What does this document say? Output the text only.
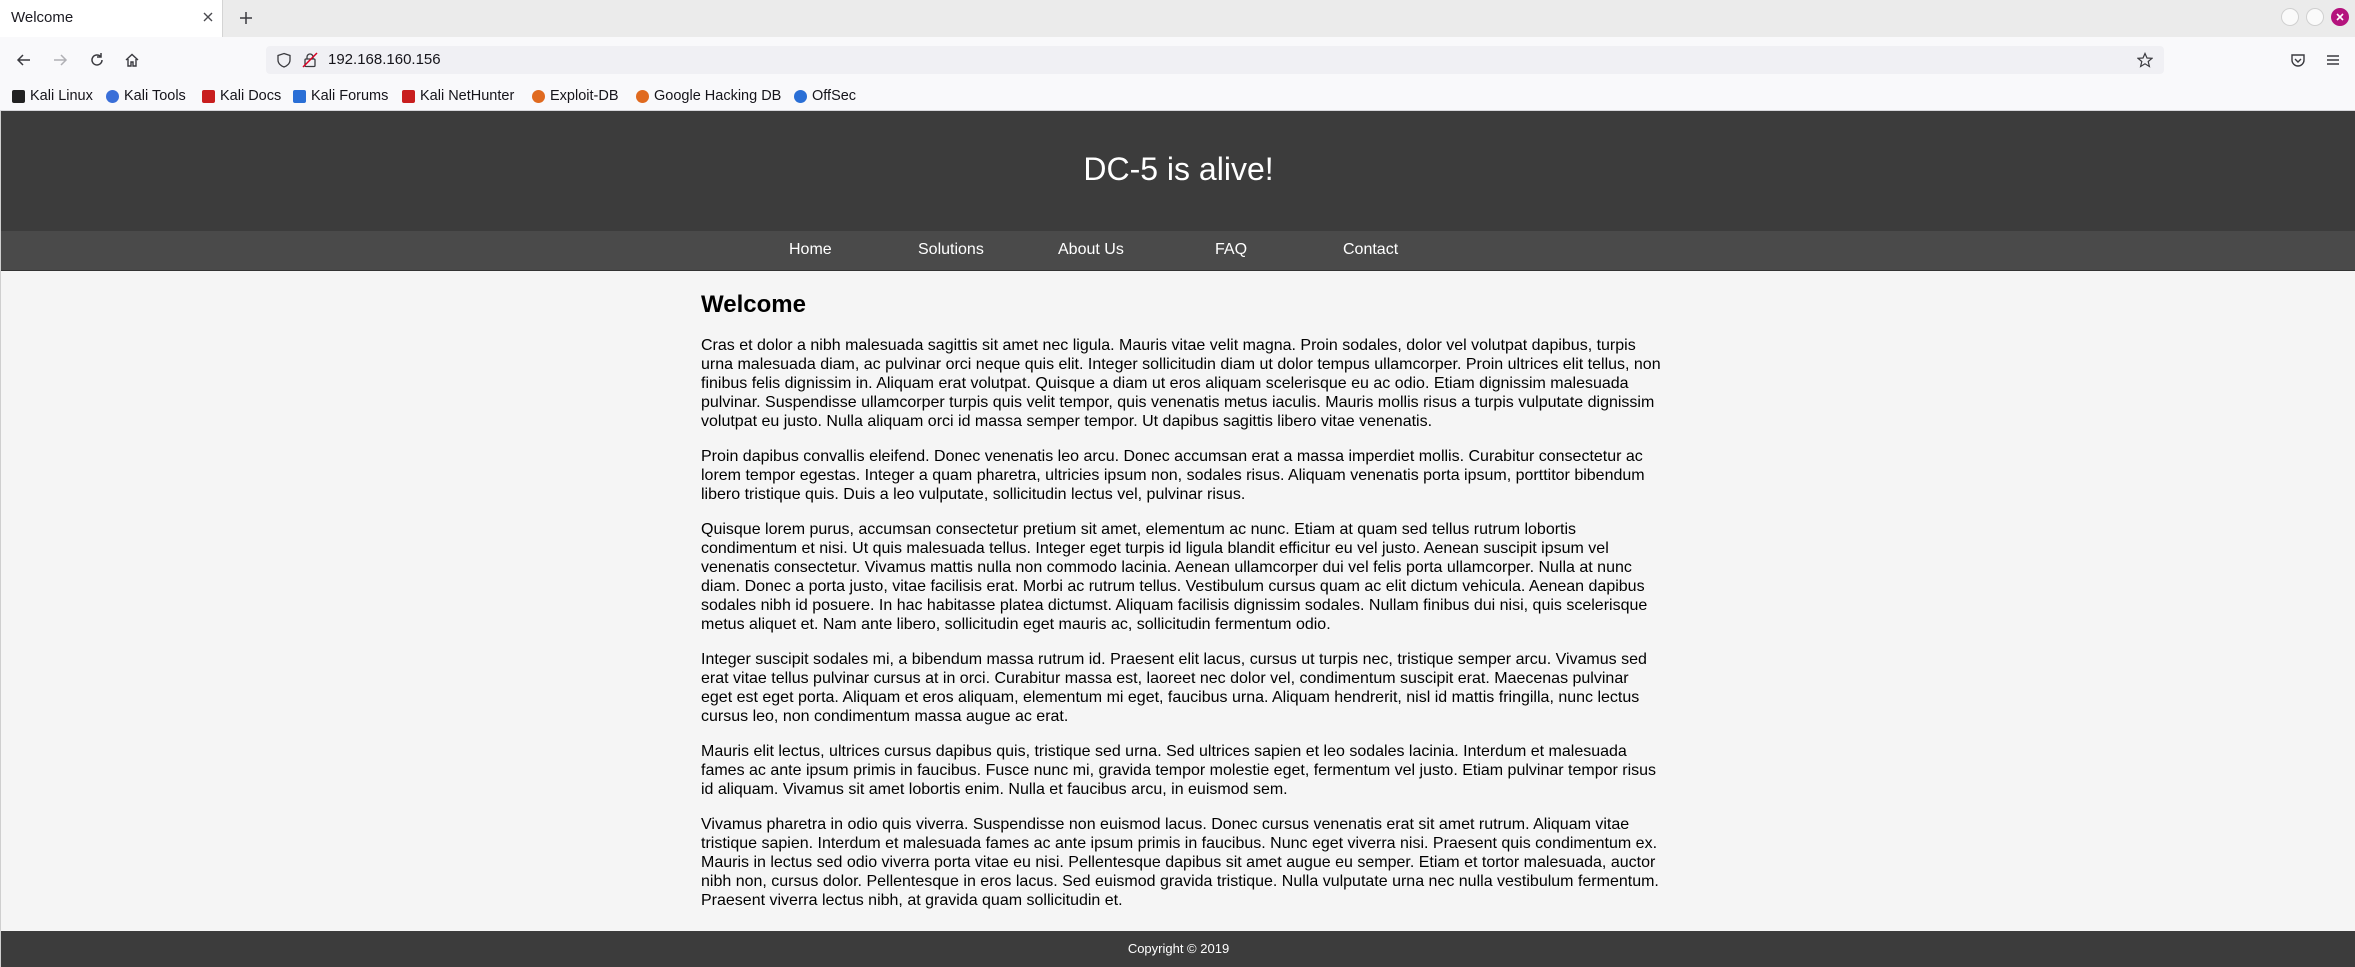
Welcome
192.168.160.156
Kali Linux Kali Tools Kali Docs Kali Forums Kali NetHunter Exploit-DB Google Hacking DB OffSec
DC-5 is alive!
Home	Solutions	About Us	FAQ	Contact
Welcome

Cras et dolor a nibh malesuada sagittis sit amet nec ligula. Mauris vitae velit magna. Proin sodales, dolor vel volutpat dapibus, turpis urna malesuada diam, ac pulvinar orci neque quis elit. Integer sollicitudin diam ut dolor tempus ullamcorper. Proin ultrices elit tellus, non finibus felis dignissim in. Aliquam erat volutpat. Quisque a diam ut eros aliquam scelerisque eu ac odio. Etiam dignissim malesuada pulvinar. Suspendisse ullamcorper turpis quis velit tempor, quis venenatis metus iaculis. Mauris mollis risus a turpis vulputate dignissim volutpat eu justo. Nulla aliquam orci id massa semper tempor. Ut dapibus sagittis libero vitae venenatis.

Proin dapibus convallis eleifend. Donec venenatis leo arcu. Donec accumsan erat a massa imperdiet mollis. Curabitur consectetur ac lorem tempor egestas. Integer a quam pharetra, ultricies ipsum non, sodales risus. Aliquam venenatis porta ipsum, porttitor bibendum libero tristique quis. Duis a leo vulputate, sollicitudin lectus vel, pulvinar risus.

Quisque lorem purus, accumsan consectetur pretium sit amet, elementum ac nunc. Etiam at quam sed tellus rutrum lobortis condimentum et nisi. Ut quis malesuada tellus. Integer eget turpis id ligula blandit efficitur eu vel justo. Aenean suscipit ipsum vel venenatis consectetur. Vivamus mattis nulla non commodo lacinia. Aenean ullamcorper dui vel felis porta ullamcorper. Nulla at nunc diam. Donec a porta justo, vitae facilisis erat. Morbi ac rutrum tellus. Vestibulum cursus quam ac elit dictum vehicula. Aenean dapibus sodales nibh id posuere. In hac habitasse platea dictumst. Aliquam facilisis dignissim sodales. Nullam finibus dui nisi, quis scelerisque metus aliquet et. Nam ante libero, sollicitudin eget mauris ac, sollicitudin fermentum odio.

Integer suscipit sodales mi, a bibendum massa rutrum id. Praesent elit lacus, cursus ut turpis nec, tristique semper arcu. Vivamus sed erat vitae tellus pulvinar cursus at in orci. Curabitur massa est, laoreet nec dolor vel, condimentum suscipit erat. Maecenas pulvinar eget est eget porta. Aliquam et eros aliquam, elementum mi eget, faucibus urna. Aliquam hendrerit, nisl id mattis fringilla, nunc lectus cursus leo, non condimentum massa augue ac erat.

Mauris elit lectus, ultrices cursus dapibus quis, tristique sed urna. Sed ultrices sapien et leo sodales lacinia. Interdum et malesuada fames ac ante ipsum primis in faucibus. Fusce nunc mi, gravida tempor molestie eget, fermentum vel justo. Etiam pulvinar tempor risus id aliquam. Vivamus sit amet lobortis enim. Nulla et faucibus arcu, in euismod sem.

Vivamus pharetra in odio quis viverra. Suspendisse non euismod lacus. Donec cursus venenatis erat sit amet rutrum. Aliquam vitae tristique sapien. Interdum et malesuada fames ac ante ipsum primis in faucibus. Nunc eget viverra nisi. Praesent quis condimentum ex. Mauris in lectus sed odio viverra porta vitae eu nisi. Pellentesque dapibus sit amet augue eu semper. Etiam et tortor malesuada, auctor nibh non, cursus dolor. Pellentesque in eros lacus. Sed euismod gravida tristique. Nulla vulputate urna nec nulla vestibulum fermentum. Praesent viverra lectus nibh, at gravida quam sollicitudin et.

Copyright © 2019
